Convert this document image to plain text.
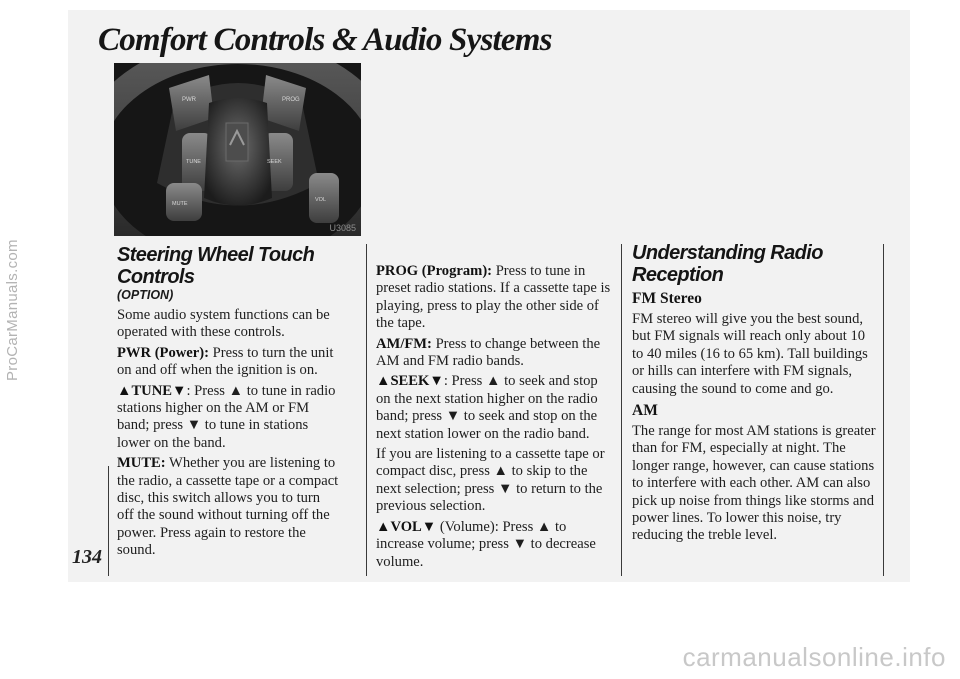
ProCarManuals.com
carmanualsonline.info
Comfort Controls & Audio Systems
PWR	PROG
TUNE	SEEK
MUTE
VOL
U3085

134

Steering Wheel Touch Controls
(OPTION)

Some audio system functions can be operated with these controls.

PWR (Power): Press to turn the unit on and off when the ignition is on.

▲TUNE▼: Press ▲ to tune in radio stations higher on the AM or FM band; press ▼ to tune in stations lower on the band.

MUTE: Whether you are listening to the radio, a cassette tape or a compact disc, this switch allows you to turn off the sound without turning off the power. Press again to restore the sound.

PROG (Program): Press to tune in preset radio stations. If a cassette tape is playing, press to play the other side of the tape.

AM/FM: Press to change between the AM and FM radio bands.

▲SEEK▼: Press ▲ to seek and stop on the next station higher on the radio band; press ▼ to seek and stop on the next station lower on the radio band.

If you are listening to a cassette tape or compact disc, press ▲ to skip to the next selection; press ▼ to return to the previous selection.

▲VOL▼ (Volume): Press ▲ to increase volume; press ▼ to decrease volume.

Understanding Radio Reception
FM Stereo

FM stereo will give you the best sound, but FM signals will reach only about 10 to 40 miles (16 to 65 km). Tall buildings or hills can interfere with FM signals, causing the sound to come and go.

AM

The range for most AM stations is greater than for FM, especially at night. The longer range, however, can cause stations to interfere with each other. AM can also pick up noise from things like storms and power lines. To lower this noise, try reducing the treble level.
